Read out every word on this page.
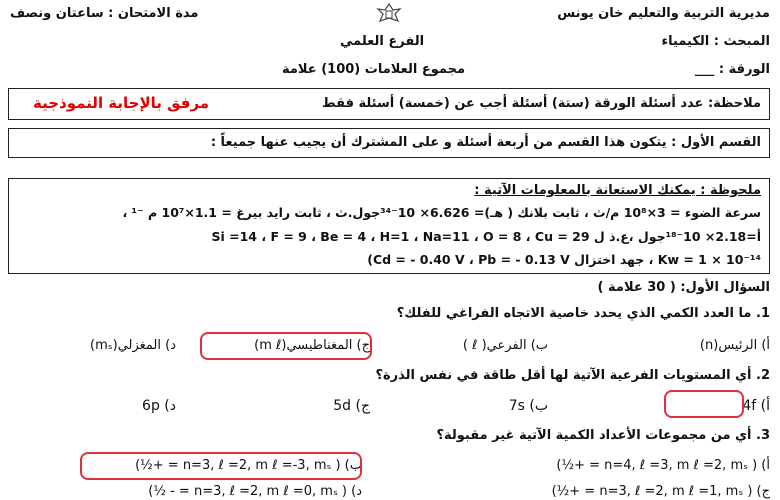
مديرية التربية والتعليم خان يونس
مدة الامتحان : ساعتان ونصف
المبحث : الكيمياء
الفرع العلمي
الورقة : ___
مجموع العلامات (100) علامة
ملاحظة: عدد أسئلة الورقة (ستة) أسئلة أجب عن (خمسة) أسئلة فقط
مرفق بالإجابة النموذجية
القسم الأول : يتكون هذا القسم من أربعة أسئلة و على المشترك أن يجيب عنها جميعاً :
ملحوظة : يمكنك الاستعانة بالمعلومات الآتية :
سرعة الضوء = 3×10⁸ م/ث ، ثابت بلانك ( هـ)= 6.626× 10⁻³⁴جول.ث ، ثابت رايد بيرغ = 1.1×10⁷ م ⁻¹ ،
أ=2.18× 10⁻¹⁸جول ،ع.ذ ل Si =14 ، F = 9 ، Be = 4 ، H=1 ، Na=11 ، O = 8 ، Cu = 29
Kw = 1 × 10⁻¹⁴ ، جهد اختزال Cd = - 0.40 V ، Pb = - 0.13 V)
السؤال الأول: ( 30 علامة )
1. ما العدد الكمي الذي يحدد خاصية الاتجاه الفراغي للفلك؟
أ) الرئيس(n)
ب) الفرعي( ℓ )
ج) المغناطيسي(m ℓ)
د) المغزلي(mₛ)
2. أي المستويات الفرعية الآتية لها أقل طاقة في نفس الذرة؟
أ) 4f
ب) 7s
ج) 5d
د) 6p
3. أي من مجموعات الأعداد الكمية الآتية غير مقبولة؟
أ) ( n=4, ℓ =3, m ℓ =2, mₛ = +½)
ب) ( n=3, ℓ =2, m ℓ =-3, mₛ = +½)
ج) ( n=3, ℓ =2, m ℓ =1, mₛ = +½)
د) ( n=3, ℓ =2, m ℓ =0, mₛ = - ½)
